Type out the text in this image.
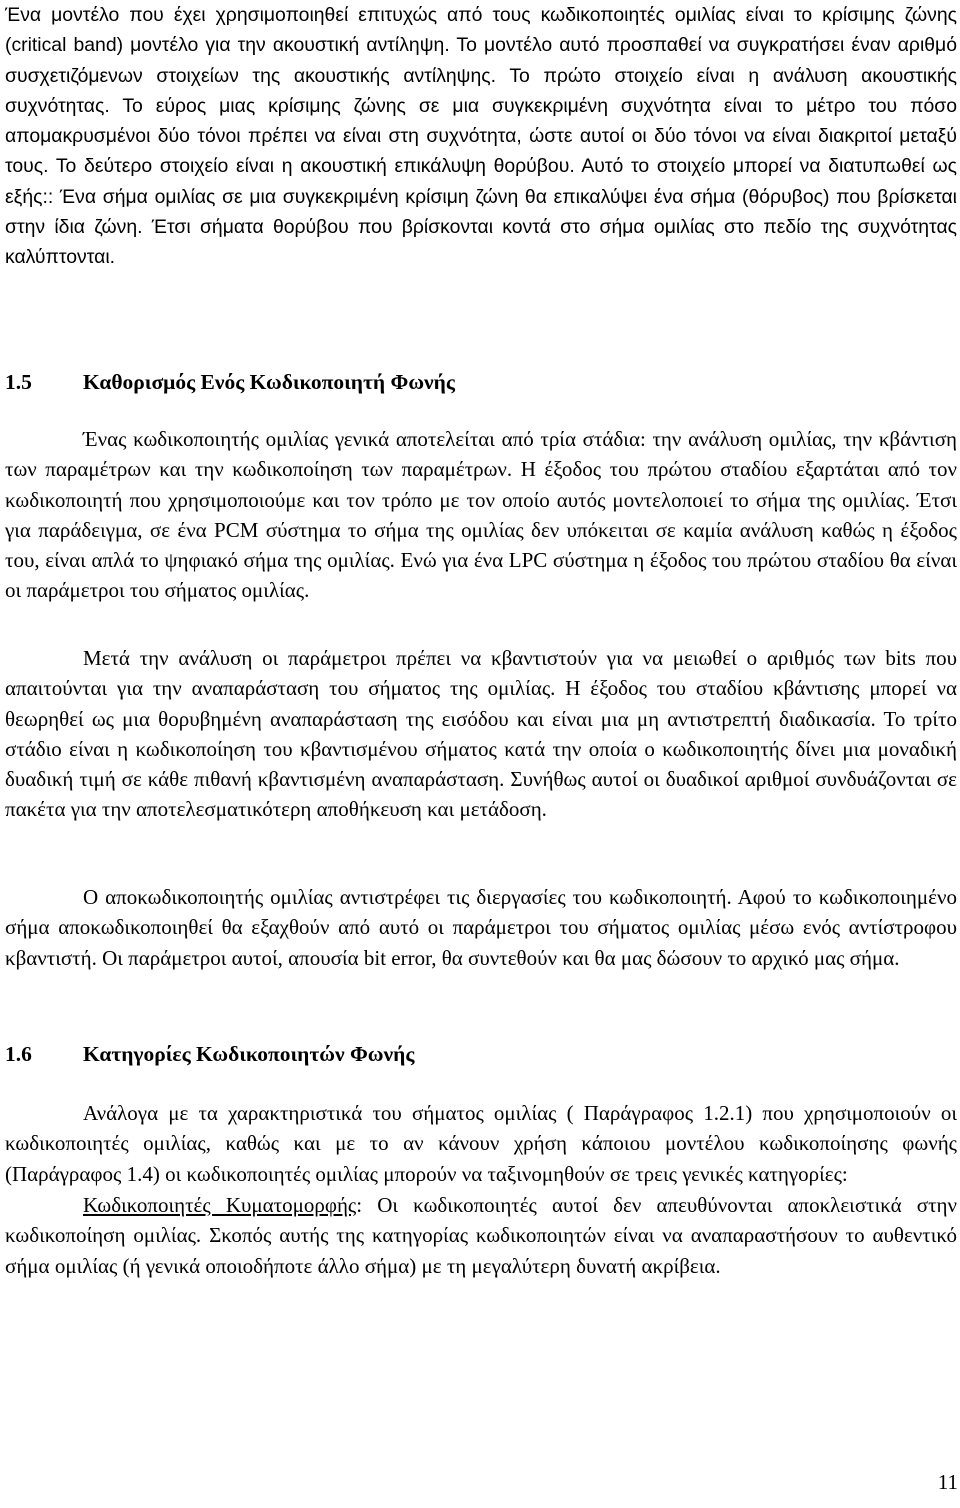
Ένα μοντέλο που έχει χρησιμοποιηθεί επιτυχώς από τους κωδικοποιητές ομιλίας είναι το κρίσιμης ζώνης (critical band) μοντέλο για την ακουστική αντίληψη. Το μοντέλο αυτό προσπαθεί να συγκρατήσει έναν αριθμό συσχετιζόμενων στοιχείων της ακουστικής αντίληψης. Το πρώτο στοιχείο είναι η ανάλυση ακουστικής συχνότητας. Το εύρος μιας κρίσιμης ζώνης σε μια συγκεκριμένη συχνότητα είναι το μέτρο του πόσο απομακρυσμένοι δύο τόνοι πρέπει να είναι στη συχνότητα, ώστε αυτοί οι δύο τόνοι να είναι διακριτοί μεταξύ τους. Το δεύτερο στοιχείο είναι η ακουστική επικάλυψη θορύβου. Αυτό το στοιχείο μπορεί να διατυπωθεί ως εξής:: Ένα σήμα ομιλίας σε μια συγκεκριμένη κρίσιμη ζώνη θα επικαλύψει ένα σήμα (θόρυβος) που βρίσκεται στην ίδια ζώνη. Έτσι σήματα θορύβου που βρίσκονται κοντά στο σήμα ομιλίας στο πεδίο της συχνότητας καλύπτονται.

1.5 Καθορισμός Ενός Κωδικοποιητή Φωνής

Ένας κωδικοποιητής ομιλίας γενικά αποτελείται από τρία στάδια: την ανάλυση ομιλίας, την κβάντιση των παραμέτρων και την κωδικοποίηση των παραμέτρων. Η έξοδος του πρώτου σταδίου εξαρτάται από τον κωδικοποιητή που χρησιμοποιούμε και τον τρόπο με τον οποίο αυτός μοντελοποιεί το σήμα της ομιλίας. Έτσι για παράδειγμα, σε ένα PCM σύστημα το σήμα της ομιλίας δεν υπόκειται σε καμία ανάλυση καθώς η έξοδος του, είναι απλά το ψηφιακό σήμα της ομιλίας. Ενώ για ένα LPC σύστημα η έξοδος του πρώτου σταδίου θα είναι οι παράμετροι του σήματος ομιλίας.

Μετά την ανάλυση οι παράμετροι πρέπει να κβαντιστούν για να μειωθεί ο αριθμός των bits που απαιτούνται για την αναπαράσταση του σήματος της ομιλίας. Η έξοδος του σταδίου κβάντισης μπορεί να θεωρηθεί ως μια θορυβημένη αναπαράσταση της εισόδου και είναι μια μη αντιστρεπτή διαδικασία. Το τρίτο στάδιο είναι η κωδικοποίηση του κβαντισμένου σήματος κατά την οποία ο κωδικοποιητής δίνει μια μοναδική δυαδική τιμή σε κάθε πιθανή κβαντισμένη αναπαράσταση. Συνήθως αυτοί οι δυαδικοί αριθμοί συνδυάζονται σε πακέτα για την αποτελεσματικότερη αποθήκευση και μετάδοση.

Ο αποκωδικοποιητής ομιλίας αντιστρέφει τις διεργασίες του κωδικοποιητή. Αφού το κωδικοποιημένο σήμα αποκωδικοποιηθεί θα εξαχθούν από αυτό οι παράμετροι του σήματος ομιλίας μέσω ενός αντίστροφου κβαντιστή. Οι παράμετροι αυτοί, απουσία bit error, θα συντεθούν και θα μας δώσουν το αρχικό μας σήμα.

1.6 Κατηγορίες Κωδικοποιητών Φωνής

Ανάλογα με τα χαρακτηριστικά του σήματος ομιλίας ( Παράγραφος 1.2.1) που χρησιμοποιούν οι κωδικοποιητές ομιλίας, καθώς και με το αν κάνουν χρήση κάποιου μοντέλου κωδικοποίησης φωνής (Παράγραφος 1.4) οι κωδικοποιητές ομιλίας μπορούν να ταξινομηθούν σε τρεις γενικές κατηγορίες:

Κωδικοποιητές Κυματομορφής: Οι κωδικοποιητές αυτοί δεν απευθύνονται αποκλειστικά στην κωδικοποίηση ομιλίας. Σκοπός αυτής της κατηγορίας κωδικοποιητών είναι να αναπαραστήσουν το αυθεντικό σήμα ομιλίας (ή γενικά οποιοδήποτε άλλο σήμα) με τη μεγαλύτερη δυνατή ακρίβεια.

11
